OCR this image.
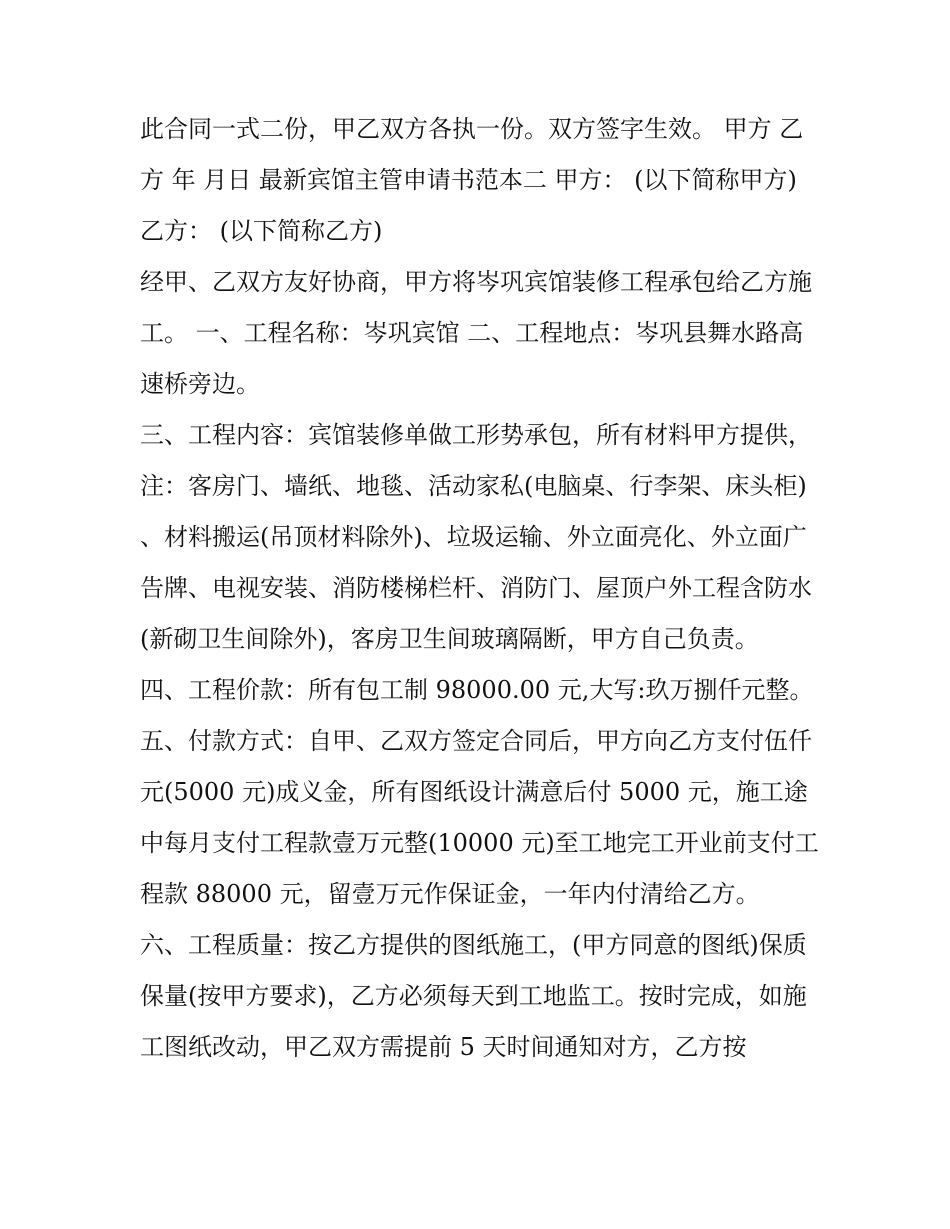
此合同一式二份，甲乙双方各执一份。双方签字生效。 甲方 乙方 年 月日 最新宾馆主管申请书范本二 甲方： (以下简称甲方) 乙方： (以下简称乙方)

经甲、乙双方友好协商，甲方将岑巩宾馆装修工程承包给乙方施工。 一、工程名称：岑巩宾馆 二、工程地点：岑巩县舞水路高速桥旁边。

三、工程内容：宾馆装修单做工形势承包，所有材料甲方提供，注：客房门、墙纸、地毯、活动家私(电脑桌、行李架、床头柜)、材料搬运(吊顶材料除外)、垃圾运输、外立面亮化、外立面广告牌、电视安装、消防楼梯栏杆、消防门、屋顶户外工程含防水(新砌卫生间除外)，客房卫生间玻璃隔断，甲方自己负责。

四、工程价款：所有包工制 98000.00 元,大写:玖万捌仟元整。

五、付款方式：自甲、乙双方签定合同后，甲方向乙方支付伍仟元(5000 元)成义金，所有图纸设计满意后付 5000 元，施工途中每月支付工程款壹万元整(10000 元)至工地完工开业前支付工程款 88000 元，留壹万元作保证金，一年内付清给乙方。

六、工程质量：按乙方提供的图纸施工，(甲方同意的图纸)保质保量(按甲方要求)，乙方必须每天到工地监工。按时完成，如施工图纸改动，甲乙双方需提前 5 天时间通知对方，乙方按
